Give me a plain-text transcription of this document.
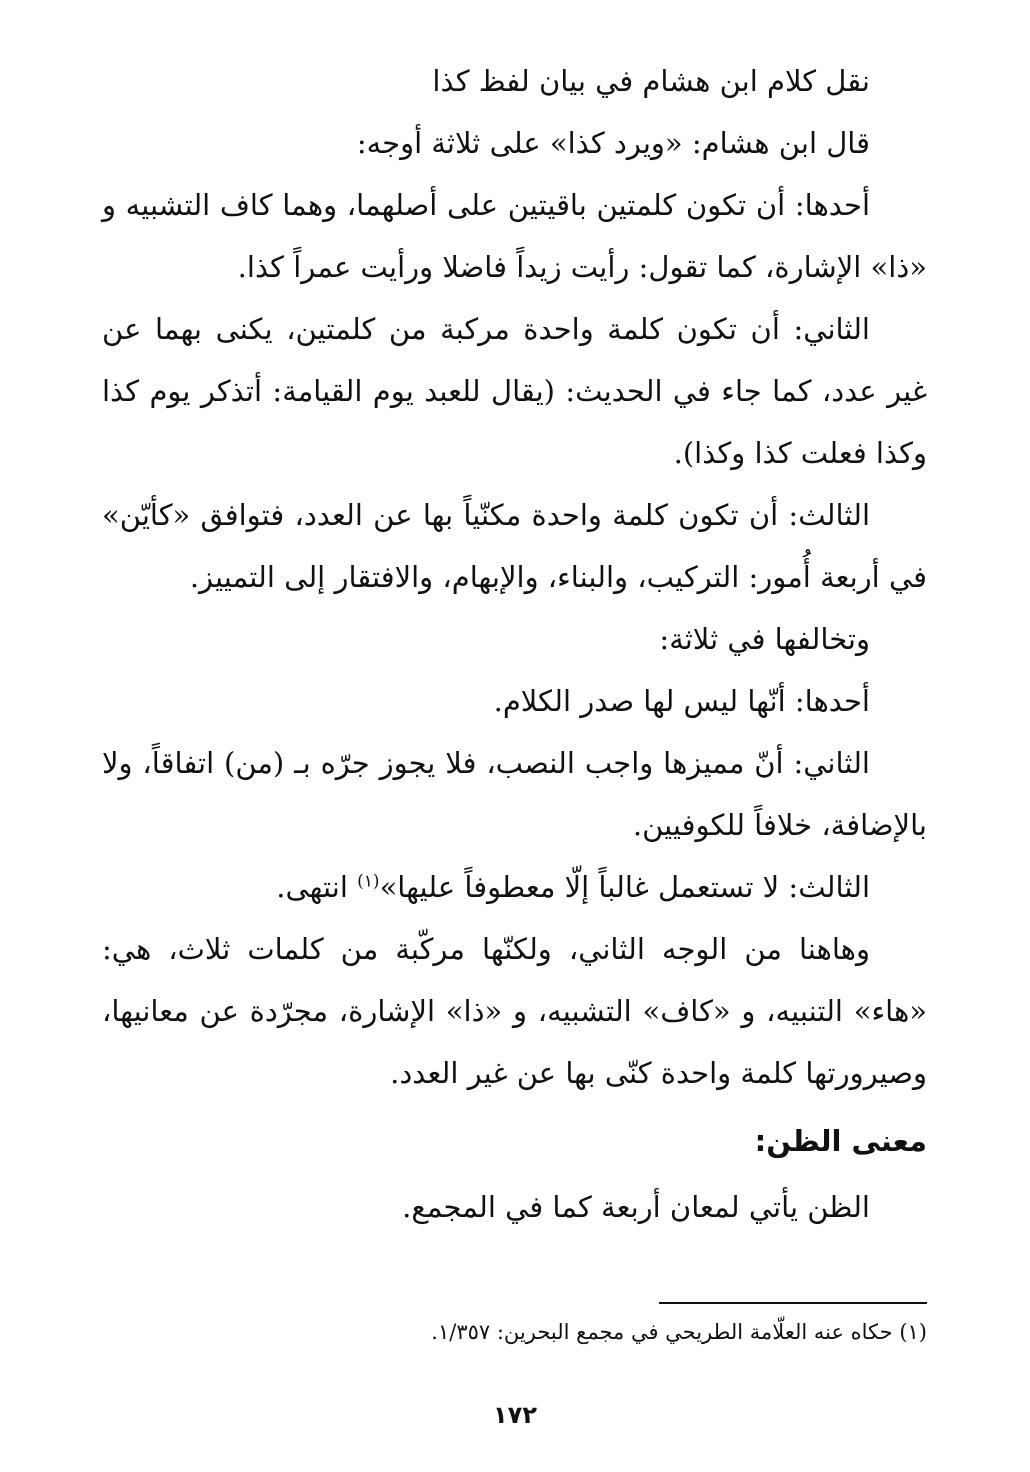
نقل كلام ابن هشام في بيان لفظ كذا

قال ابن هشام: «ويرد كذا» على ثلاثة أوجه:

أحدها: أن تكون كلمتين باقيتين على أصلهما، وهما كاف التشبيه و «ذا» الإشارة، كما تقول: رأيت زيداً فاضلا ورأيت عمراً كذا.

الثاني: أن تكون كلمة واحدة مركبة من كلمتين، يكنى بهما عن غير عدد، كما جاء في الحديث: (يقال للعبد يوم القيامة: أتذكر يوم كذا وكذا فعلت كذا وكذا).

الثالث: أن تكون كلمة واحدة مكنّياً بها عن العدد، فتوافق «كأيّن» في أربعة أُمور: التركيب، والبناء، والإبهام، والافتقار إلى التمييز.

وتخالفها في ثلاثة:

أحدها: أنّها ليس لها صدر الكلام.

الثاني: أنّ مميزها واجب النصب، فلا يجوز جرّه بـ (من) اتفاقاً، ولا بالإضافة، خلافاً للكوفيين.

الثالث: لا تستعمل غالباً إلّا معطوفاً عليها»$^{(١)}$ انتهى.

وهاهنا من الوجه الثاني، ولكنّها مركّبة من كلمات ثلاث، هي: «هاء» التنبيه، و «كاف» التشبيه، و «ذا» الإشارة، مجرّدة عن معانيها، وصيرورتها كلمة واحدة كنّى بها عن غير العدد.

معنى الظن:

الظن يأتي لمعان أربعة كما في المجمع.

(١) حكاه عنه العلّامة الطريحي في مجمع البحرين: ١/٣٥٧.

١٧٢
